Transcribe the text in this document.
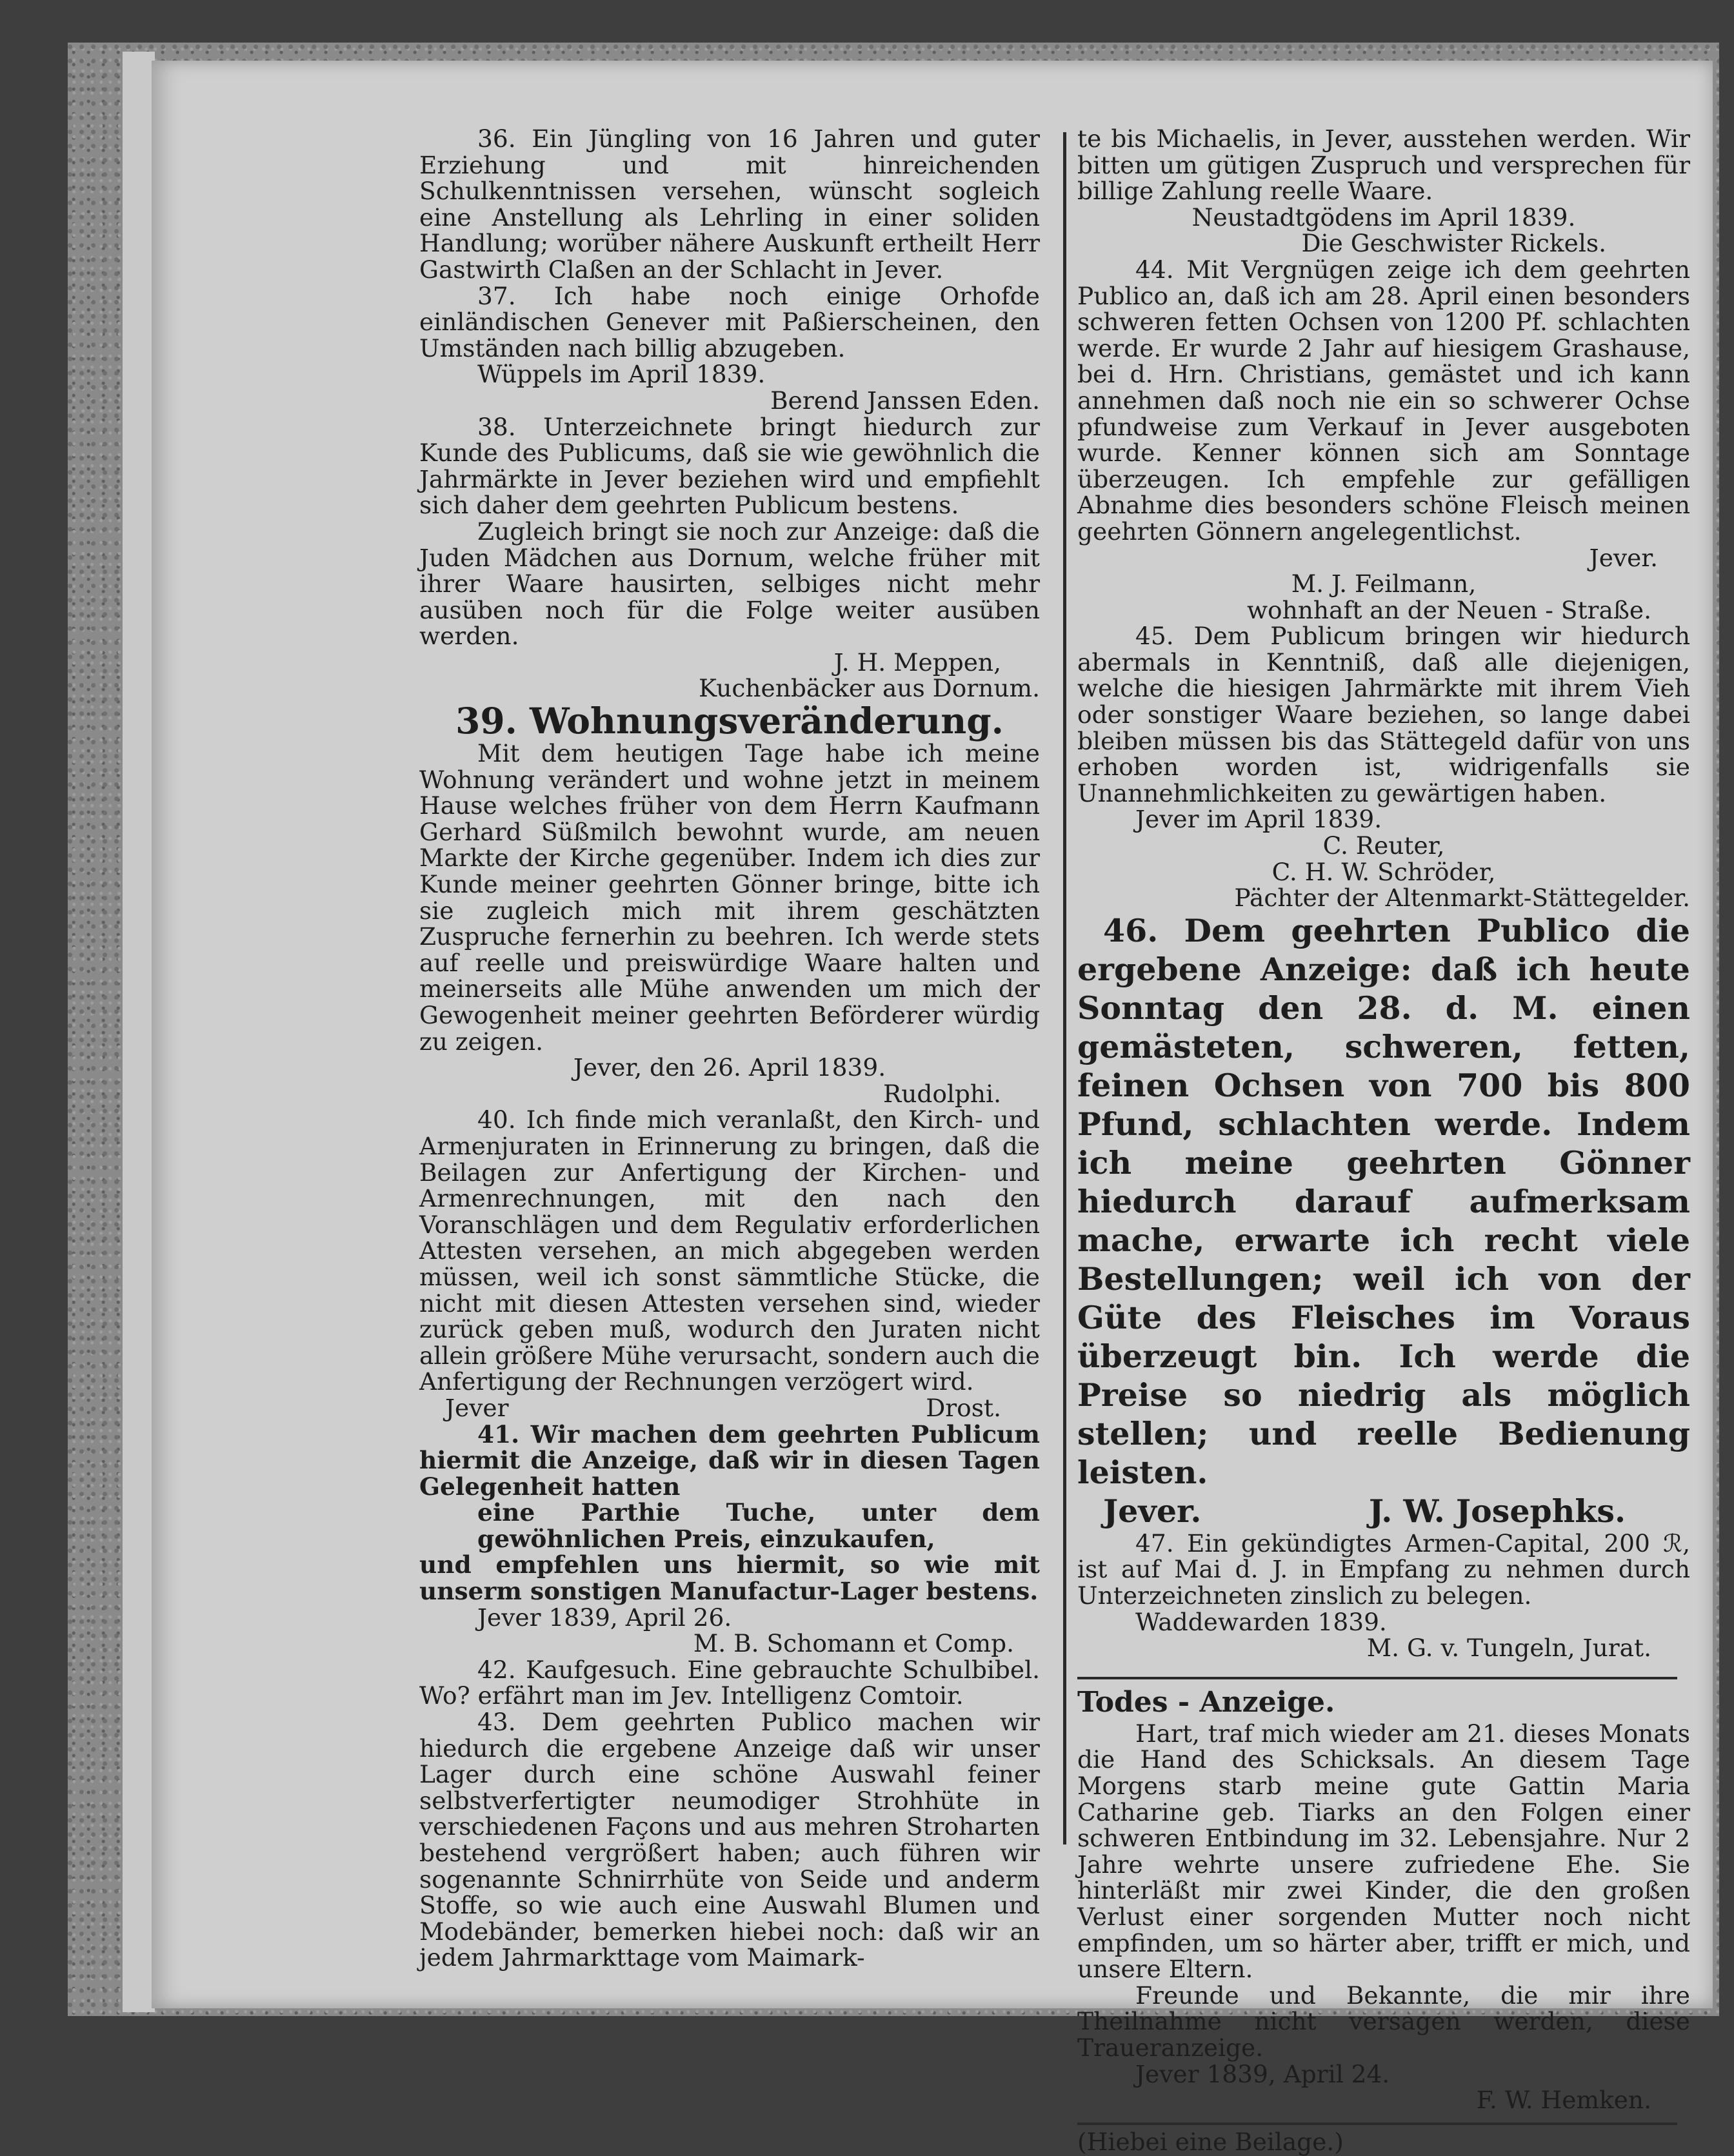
36. Ein Jüngling von 16 Jahren und guter Erziehung und mit hinreichenden Schulkenntnissen versehen, wünscht sogleich eine Anstellung als Lehrling in einer soliden Handlung; worüber nähere Auskunft ertheilt Herr Gastwirth Claßen an der Schlacht in Jever.

37. Ich habe noch einige Orhofde einländischen Genever mit Paßierscheinen, den Umständen nach billig abzugeben.

Wüppels im April 1839.

Berend Janssen Eden.

38. Unterzeichnete bringt hiedurch zur Kunde des Publicums, daß sie wie gewöhnlich die Jahrmärkte in Jever beziehen wird und empfiehlt sich daher dem geehrten Publicum bestens.

Zugleich bringt sie noch zur Anzeige: daß die Juden Mädchen aus Dornum, welche früher mit ihrer Waare hausirten, selbiges nicht mehr ausüben noch für die Folge weiter ausüben werden.

J. H. Meppen,

Kuchenbäcker aus Dornum.

39. Wohnungsveränderung.

Mit dem heutigen Tage habe ich meine Wohnung verändert und wohne jetzt in meinem Hause welches früher von dem Herrn Kaufmann Gerhard Süßmilch bewohnt wurde, am neuen Markte der Kirche gegenüber. Indem ich dies zur Kunde meiner geehrten Gönner bringe, bitte ich sie zugleich mich mit ihrem geschätzten Zuspruche fernerhin zu beehren. Ich werde stets auf reelle und preiswürdige Waare halten und meinerseits alle Mühe anwenden um mich der Gewogenheit meiner geehrten Beförderer würdig zu zeigen.

Jever, den 26. April 1839.

Rudolphi.

40. Ich finde mich veranlaßt, den Kirch- und Armenjuraten in Erinnerung zu bringen, daß die Beilagen zur Anfertigung der Kirchen- und Armenrechnungen, mit den nach den Voranschlägen und dem Regulativ erforderlichen Attesten versehen, an mich abgegeben werden müssen, weil ich sonst sämmtliche Stücke, die nicht mit diesen Attesten versehen sind, wieder zurück geben muß, wodurch den Juraten nicht allein größere Mühe verursacht, sondern auch die Anfertigung der Rechnungen verzögert wird.

Jever	Drost.

41. Wir machen dem geehrten Publicum hiermit die Anzeige, daß wir in diesen Tagen Gelegenheit hatten

eine Parthie Tuche, unter dem gewöhnlichen Preis, einzukaufen,

und empfehlen uns hiermit, so wie mit unserm sonstigen Manufactur-Lager bestens.

Jever 1839, April 26.

M. B. Schomann et Comp.

42. Kaufgesuch. Eine gebrauchte Schulbibel. Wo? erfährt man im Jev. Intelligenz Comtoir.

43. Dem geehrten Publico machen wir hiedurch die ergebene Anzeige daß wir unser Lager durch eine schöne Auswahl feiner selbstverfertigter neumodiger Strohhüte in verschiedenen Façons und aus mehren Stroharten bestehend vergrößert haben; auch führen wir sogenannte Schnirrhüte von Seide und anderm Stoffe, so wie auch eine Auswahl Blumen und Modebänder, bemerken hiebei noch: daß wir an jedem Jahrmarkttage vom Maimark-

te bis Michaelis, in Jever, ausstehen werden. Wir bitten um gütigen Zuspruch und versprechen für billige Zahlung reelle Waare.

Neustadtgödens im April 1839.

Die Geschwister Rickels.

44. Mit Vergnügen zeige ich dem geehrten Publico an, daß ich am 28. April einen besonders schweren fetten Ochsen von 1200 Pf. schlachten werde. Er wurde 2 Jahr auf hiesigem Grashause, bei d. Hrn. Christians, gemästet und ich kann annehmen daß noch nie ein so schwerer Ochse pfundweise zum Verkauf in Jever ausgeboten wurde. Kenner können sich am Sonntage überzeugen. Ich empfehle zur gefälligen Abnahme dies besonders schöne Fleisch meinen geehrten Gönnern angelegentlichst.

Jever.

M. J. Feilmann,

wohnhaft an der Neuen - Straße.

45. Dem Publicum bringen wir hiedurch abermals in Kenntniß, daß alle diejenigen, welche die hiesigen Jahrmärkte mit ihrem Vieh oder sonstiger Waare beziehen, so lange dabei bleiben müssen bis das Stättegeld dafür von uns erhoben worden ist, widrigenfalls sie Unannehmlichkeiten zu gewärtigen haben.

Jever im April 1839.

C. Reuter,

C. H. W. Schröder,

Pächter der Altenmarkt-Stättegelder.

46. Dem geehrten Publico die ergebene Anzeige: daß ich heute Sonntag den 28. d. M. einen gemästeten, schweren, fetten, feinen Ochsen von 700 bis 800 Pfund, schlachten werde. Indem ich meine geehrten Gönner hiedurch darauf aufmerksam mache, erwarte ich recht viele Bestellungen; weil ich von der Güte des Fleisches im Voraus überzeugt bin. Ich werde die Preise so niedrig als möglich stellen; und reelle Bedienung leisten.

Jever.	J. W. Josephks.

47. Ein gekündigtes Armen-Capital, 200 ℛ, ist auf Mai d. J. in Empfang zu nehmen durch Unterzeichneten zinslich zu belegen.

Waddewarden 1839.

M. G. v. Tungeln, Jurat.

Todes - Anzeige.

Hart, traf mich wieder am 21. dieses Monats die Hand des Schicksals. An diesem Tage Morgens starb meine gute Gattin Maria Catharine geb. Tiarks an den Folgen einer schweren Entbindung im 32. Lebensjahre. Nur 2 Jahre wehrte unsere zufriedene Ehe. Sie hinterläßt mir zwei Kinder, die den großen Verlust einer sorgenden Mutter noch nicht empfinden, um so härter aber, trifft er mich, und unsere Eltern.

Freunde und Bekannte, die mir ihre Theilnahme nicht versagen werden, diese Traueranzeige.

Jever 1839, April 24.

F. W. Hemken.

(Hiebei eine Beilage.)
